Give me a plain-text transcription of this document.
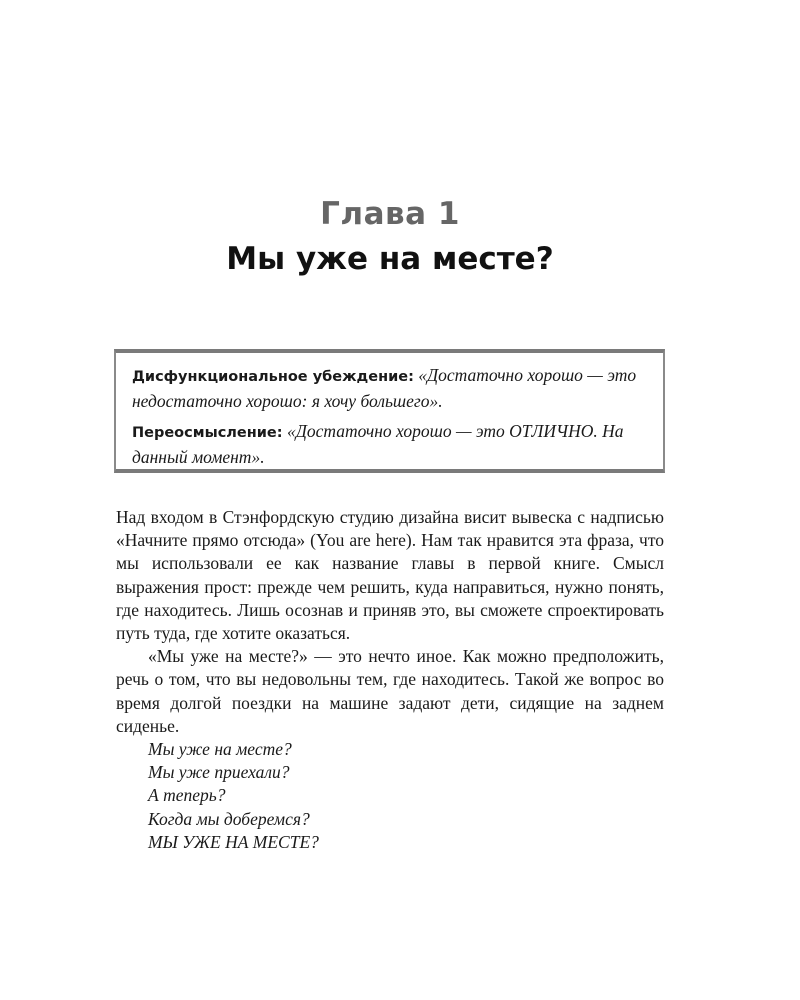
Глава 1
Мы уже на месте?

Дисфункциональное убеждение: «Достаточно хорошо — это недостаточно хорошо: я хочу большего».

Переосмысление: «Достаточно хорошо — это ОТЛИЧНО. На данный момент».

Над входом в Стэнфордскую студию дизайна висит вывеска с надписью «Начните прямо отсюда» (You are here). Нам так нравится эта фраза, что мы использовали ее как название главы в первой книге. Смысл выражения прост: прежде чем решить, куда направиться, нужно понять, где находитесь. Лишь осознав и приняв это, вы сможете спроектировать путь туда, где хотите оказаться.

«Мы уже на месте?» — это нечто иное. Как можно предположить, речь о том, что вы недовольны тем, где находитесь. Такой же вопрос во время долгой поездки на машине задают дети, сидящие на заднем сиденье.

Мы уже на месте?
Мы уже приехали?
А теперь?
Когда мы доберемся?
МЫ УЖЕ НА МЕСТЕ?
